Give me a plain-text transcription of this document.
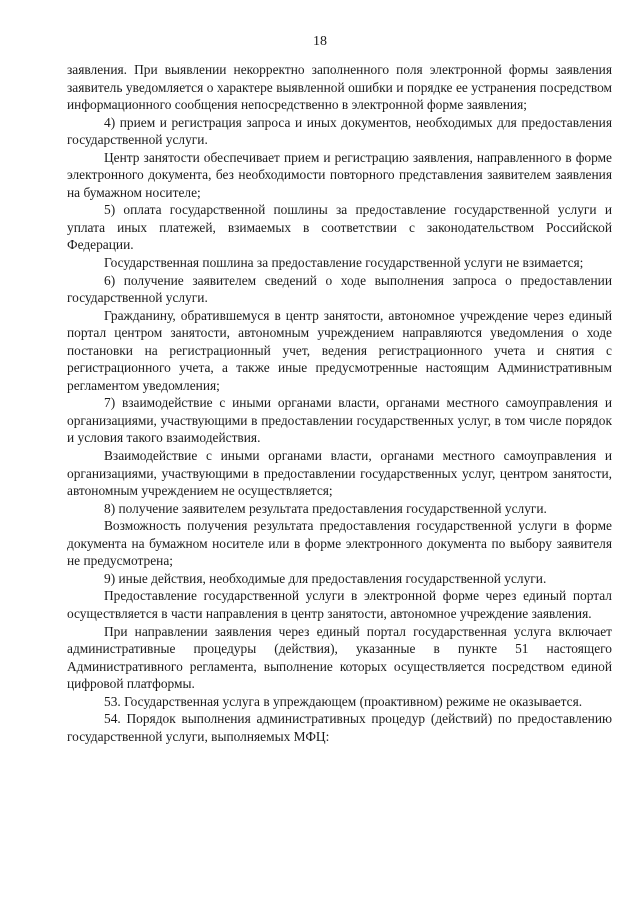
18

заявления. При выявлении некорректно заполненного поля электронной формы заявления заявитель уведомляется о характере выявленной ошибки и порядке ее устранения посредством информационного сообщения непосредственно в электронной форме заявления;

4) прием и регистрация запроса и иных документов, необходимых для предоставления государственной услуги.

Центр занятости обеспечивает прием и регистрацию заявления, направленного в форме электронного документа, без необходимости повторного представления заявителем заявления на бумажном носителе;

5) оплата государственной пошлины за предоставление государственной услуги и уплата иных платежей, взимаемых в соответствии с законодательством Российской Федерации.

Государственная пошлина за предоставление государственной услуги не взимается;

6) получение заявителем сведений о ходе выполнения запроса о предоставлении государственной услуги.

Гражданину, обратившемуся в центр занятости, автономное учреждение через единый портал центром занятости, автономным учреждением направляются уведомления о ходе постановки на регистрационный учет, ведения регистрационного учета и снятия с регистрационного учета, а также иные предусмотренные настоящим Административным регламентом уведомления;

7) взаимодействие с иными органами власти, органами местного самоуправления и организациями, участвующими в предоставлении государственных услуг, в том числе порядок и условия такого взаимодействия.

Взаимодействие с иными органами власти, органами местного самоуправления и организациями, участвующими в предоставлении государственных услуг, центром занятости, автономным учреждением не осуществляется;

8) получение заявителем результата предоставления государственной услуги.

Возможность получения результата предоставления государственной услуги в форме документа на бумажном носителе или в форме электронного документа по выбору заявителя не предусмотрена;

9) иные действия, необходимые для предоставления государственной услуги.

Предоставление государственной услуги в электронной форме через единый портал осуществляется в части направления в центр занятости, автономное учреждение заявления.

При направлении заявления через единый портал государственная услуга включает административные процедуры (действия), указанные в пункте 51 настоящего Административного регламента, выполнение которых осуществляется посредством единой цифровой платформы.

53. Государственная услуга в упреждающем (проактивном) режиме не оказывается.

54. Порядок выполнения административных процедур (действий) по предоставлению государственной услуги, выполняемых МФЦ:
